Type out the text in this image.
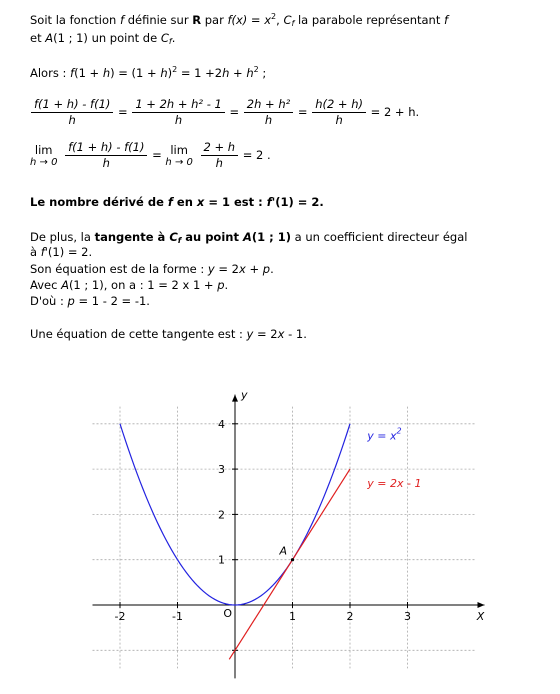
Soit la fonction f définie sur R par $f(x) = x^2$, $C_f$ la parabole représentant f
et A(1 ; 1) un point de $C_f$.
Alors : $f(1 + h) = (1 + h)^2 = 1 +2h + h^2$ ;
$\frac{f(1 + h) - f(1)}{h} = \frac{\text{1 + 2h + h² - 1}}{h} = \frac{\text{2h + h²}}{h} = \frac{h(2 + h)}{h} = 2 + h$.
lim
h → 0
$\frac{f(1 + h) - f(1)}{h} = \lim$
h → 0
$\frac{2 + h}{h} = 2$ .
Le nombre dérivé de f en x = 1 est : f'(1) = 2.
De plus, la tangente à $C_f$ au point A(1 ; 1) a un coefficient directeur égal
à f'(1) = 2.
Son équation est de la forme : y = 2x + p.
Avec A(1 ; 1), on a : 1 = 2 x 1 + p.
D'où : p = 1 - 2 = -1.
Une équation de cette tangente est : y = 2x - 1.
-2	-1	1	2	3
1
2
3
4
X
y
O
A
$y = x^2$
y = 2x - 1
